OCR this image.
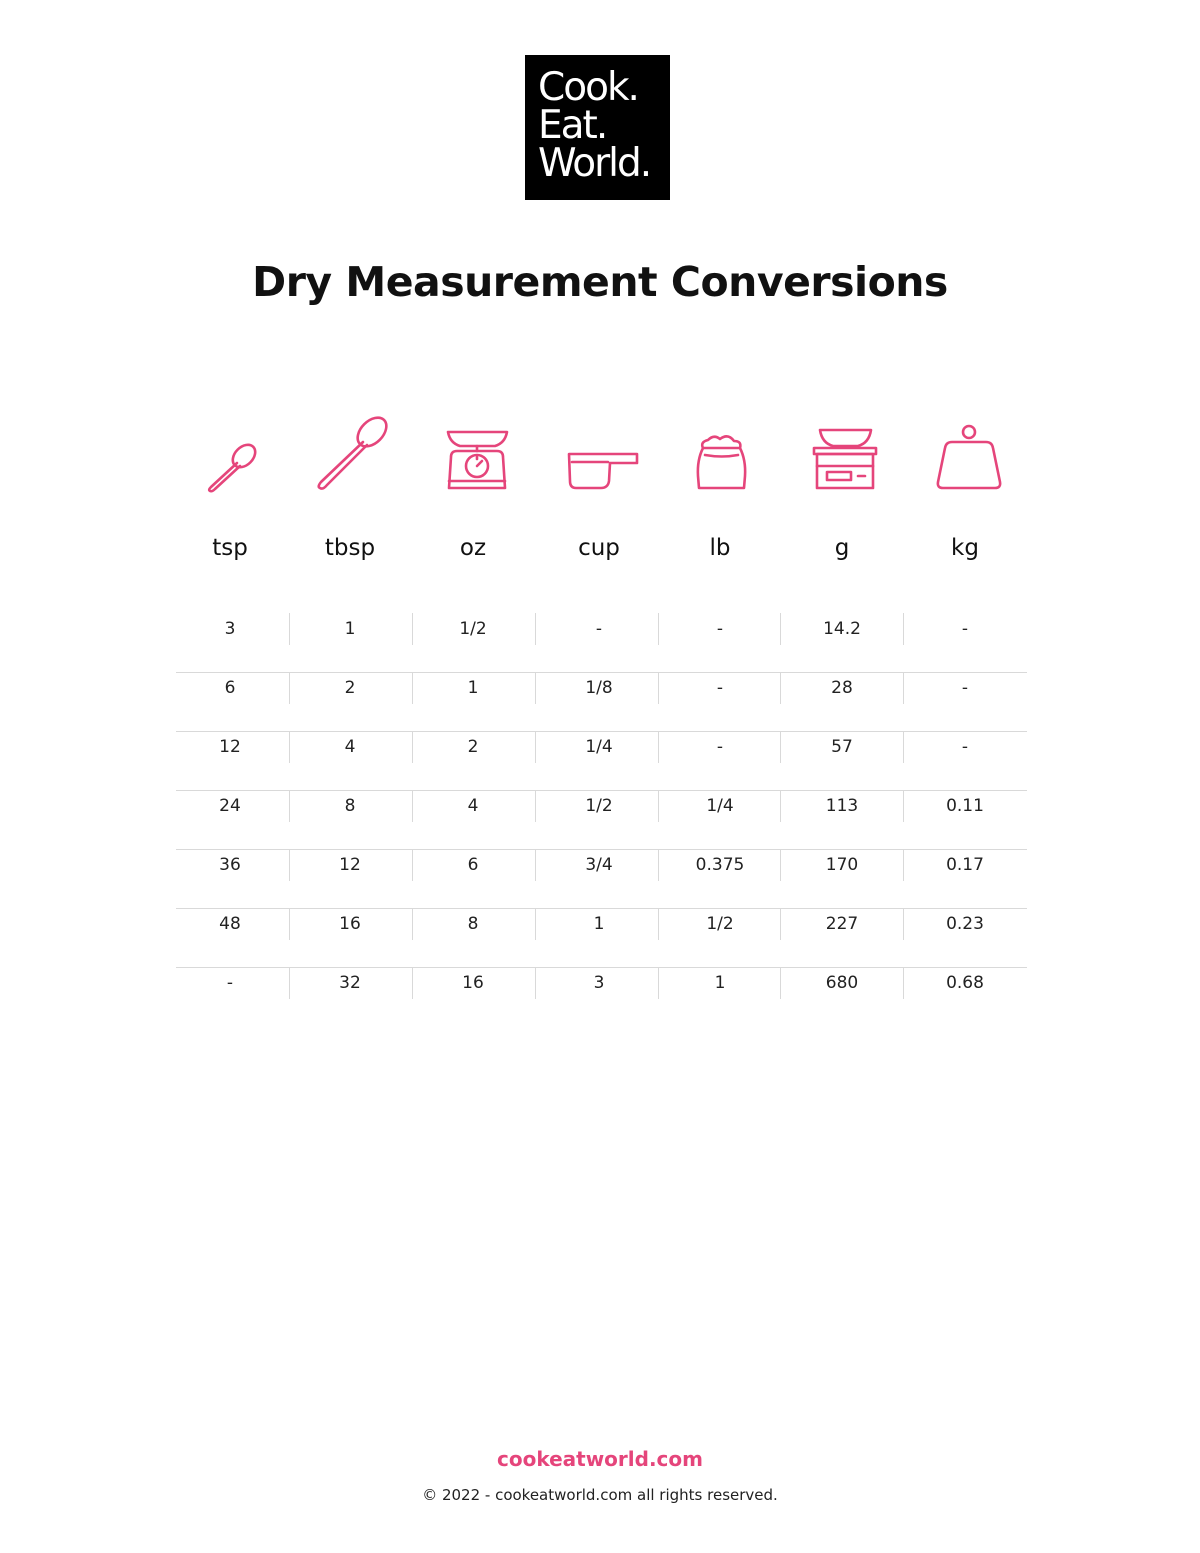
Cook.
Eat.
World.
Dry Measurement Conversions
tsp	tbsp	oz	cup	lb	g	kg
3	1	1/2	-	-	14.2	-
6	2	1	1/8	-	28	-
12	4	2	1/4	-	57	-
24	8	4	1/2	1/4	113	0.11
36	12	6	3/4	0.375	170	0.17
48	16	8	1	1/2	227	0.23
-	32	16	3	1	680	0.68
cookeatworld.com
© 2022 - cookeatworld.com all rights reserved.
